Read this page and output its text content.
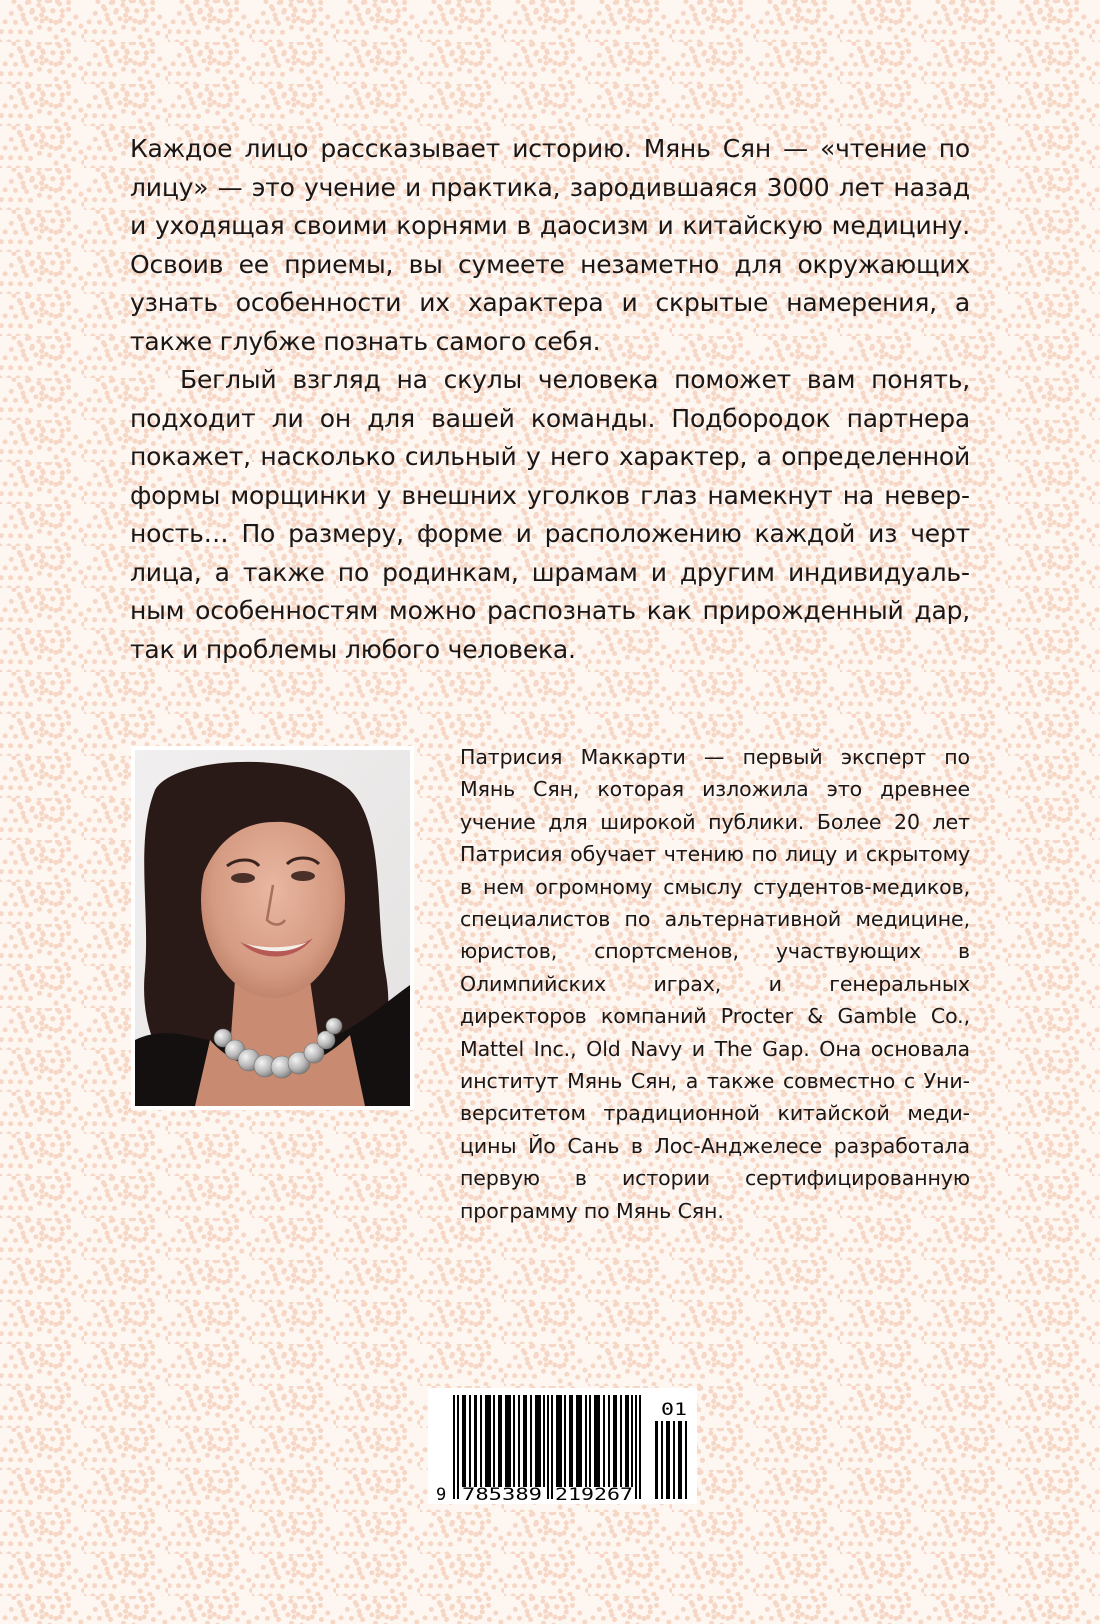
Каждое лицо рассказывает историю. Мянь Сян — «чтение по лицу» — это учение и практика, зародившаяся 3000 лет назад и уходящая своими корнями в даосизм и китайскую медицину. Освоив ее приемы, вы сумеете незаметно для окружающих узнать особенности их характера и скрытые намерения, а также глубже познать самого себя.

Беглый взгляд на скулы человека поможет вам понять, подходит ли он для вашей команды. Подбородок партнера покажет, насколько сильный у него характер, а определенной формы морщинки у внешних уголков глаз намекнут на неверность… По размеру, форме и расположению каждой из черт лица, а также по родинкам, шрамам и другим индивидуальным особенностям можно распознать как прирожденный дар, так и проблемы любого человека.

Патрисия Маккарти — первый эксперт по Мянь Сян, которая изложила это древнее учение для широкой публики. Более 20 лет Патрисия обучает чтению по лицу и скрытому в нем огромному смыслу студентов-медиков, специалистов по альтернативной медицине, юристов, спортсменов, участвующих в Олимпийских играх, и генеральных директоров компаний Procter & Gamble Co., Mattel Inc., Old Navy и The Gap. Она основала институт Мянь Сян, а также совместно с Университетом традиционной китайской медицины Йо Сань в Лос-Анджелесе разработала первую в истории сертифицированную программу по Мянь Сян.

9 785389 219267
01
